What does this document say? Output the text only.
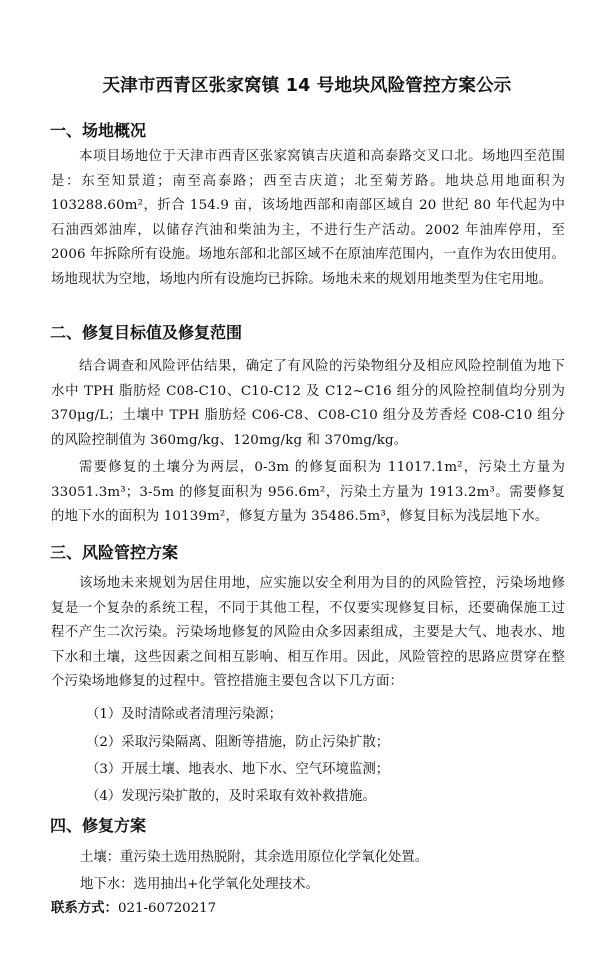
天津市西青区张家窝镇 14 号地块风险管控方案公示
一、场地概况

本项目场地位于天津市西青区张家窝镇吉庆道和高泰路交叉口北。场地四至范围是：东至知景道；南至高泰路；西至吉庆道；北至菊芳路。地块总用地面积为 103288.60m²，折合 154.9 亩，该场地西部和南部区域自 20 世纪 80 年代起为中石油西郊油库，以储存汽油和柴油为主，不进行生产活动。2002 年油库停用，至 2006 年拆除所有设施。场地东部和北部区域不在原油库范围内，一直作为农田使用。场地现状为空地，场地内所有设施均已拆除。场地未来的规划用地类型为住宅用地。

二、修复目标值及修复范围

结合调查和风险评估结果，确定了有风险的污染物组分及相应风险控制值为地下水中 TPH 脂肪烃 C08-C10、C10-C12 及 C12~C16 组分的风险控制值均分别为 370μg/L；土壤中 TPH 脂肪烃 C06-C8、C08-C10 组分及芳香烃 C08-C10 组分的风险控制值为 360mg/kg、120mg/kg 和 370mg/kg。

需要修复的土壤分为两层，0-3m 的修复面积为 11017.1m²，污染土方量为 33051.3m³；3-5m 的修复面积为 956.6m²，污染土方量为 1913.2m³。需要修复的地下水的面积为 10139m²，修复方量为 35486.5m³，修复目标为浅层地下水。

三、风险管控方案

该场地未来规划为居住用地，应实施以安全利用为目的的风险管控，污染场地修复是一个复杂的系统工程，不同于其他工程，不仅要实现修复目标，还要确保施工过程不产生二次污染。污染场地修复的风险由众多因素组成，主要是大气、地表水、地下水和土壤，这些因素之间相互影响、相互作用。因此，风险管控的思路应贯穿在整个污染场地修复的过程中。管控措施主要包含以下几方面：

（1）及时清除或者清理污染源；

（2）采取污染隔离、阻断等措施，防止污染扩散；

（3）开展土壤、地表水、地下水、空气环境监测；

（4）发现污染扩散的，及时采取有效补救措施。

四、修复方案

土壤：重污染土选用热脱附，其余选用原位化学氧化处置。

地下水：选用抽出+化学氧化处理技术。

联系方式：021-60720217
